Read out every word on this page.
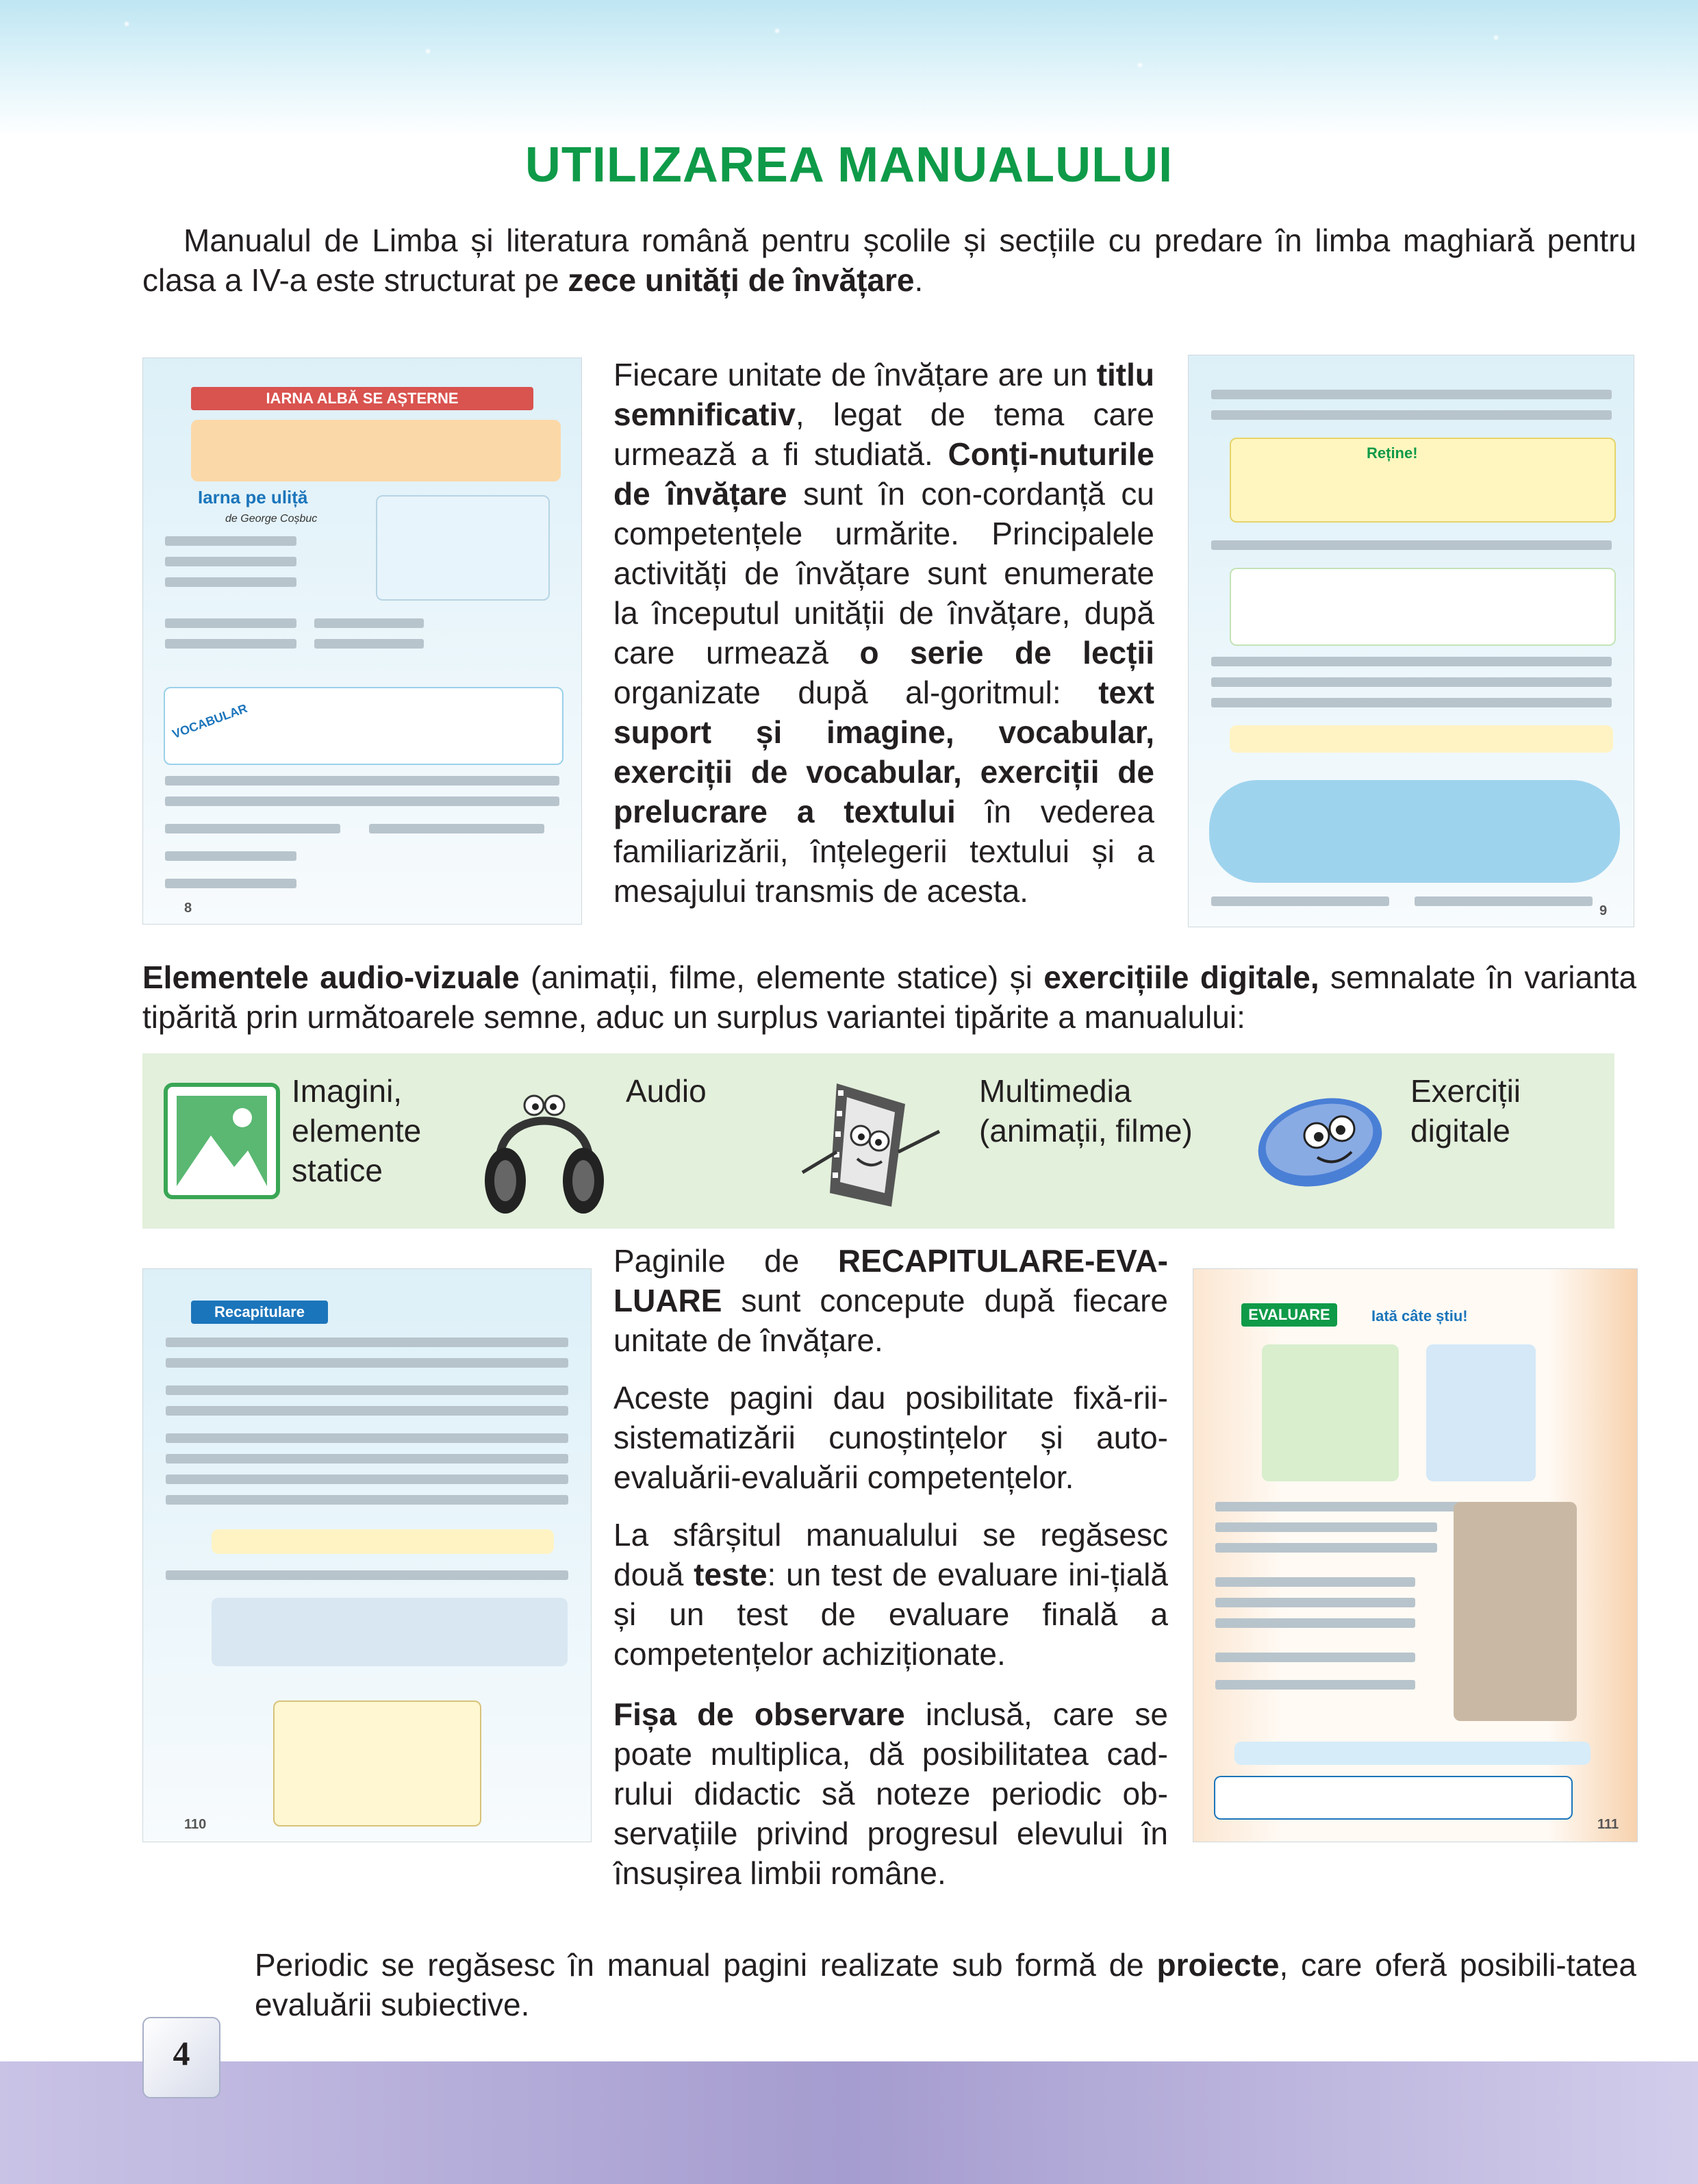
UTILIZAREA MANUALULUI
Manualul de Limba și literatura română pentru școlile și secțiile cu predare în limba maghiară pentru clasa a IV-a este structurat pe zece unități de învățare.
IARNA ALBĂ SE AȘTERNE
Iarna pe uliță
de George Coșbuc
VOCABULAR
8
Fiecare unitate de învățare are un titlu semnificativ, legat de tema care urmează a fi studiată. Conți-nuturile de învățare sunt în con-cordanță cu competențele urmărite. Principalele activități de învățare sunt enumerate la începutul unității de învățare, după care urmează o serie de lecții organizate după al-goritmul: text suport și imagine, vocabular, exerciții de vocabular, exerciții de prelucrare a textului în vederea familiarizării, înțelegerii textului și a mesajului transmis de acesta.
Reține!
9
Elementele audio-vizuale (animații, filme, elemente statice) și exercițiile digitale, semnalate în varianta tipărită prin următoarele semne, aduc un surplus variantei tipărite a manualului:
Imagini,
elemente
statice
Audio	Multimedia
(animații, filme)
Exerciții
digitale
Recapitulare
110
Paginile de RECAPITULARE-EVA-LUARE sunt concepute după fiecare unitate de învățare.
Aceste pagini dau posibilitate fixă-rii-sistematizării cunoștințelor și auto-evaluării-evaluării competențelor.
La sfârșitul manualului se regăsesc două teste: un test de evaluare ini-țială și un test de evaluare finală a competențelor achiziționate.
Fișa de observare inclusă, care se poate multiplica, dă posibilitatea cad-rului didactic să noteze periodic ob-servațiile privind progresul elevului în însușirea limbii române.
EVALUARE	Iată câte știu!
111
Periodic se regăsesc în manual pagini realizate sub formă de proiecte, care oferă posibili-tatea evaluării subiective.
4
